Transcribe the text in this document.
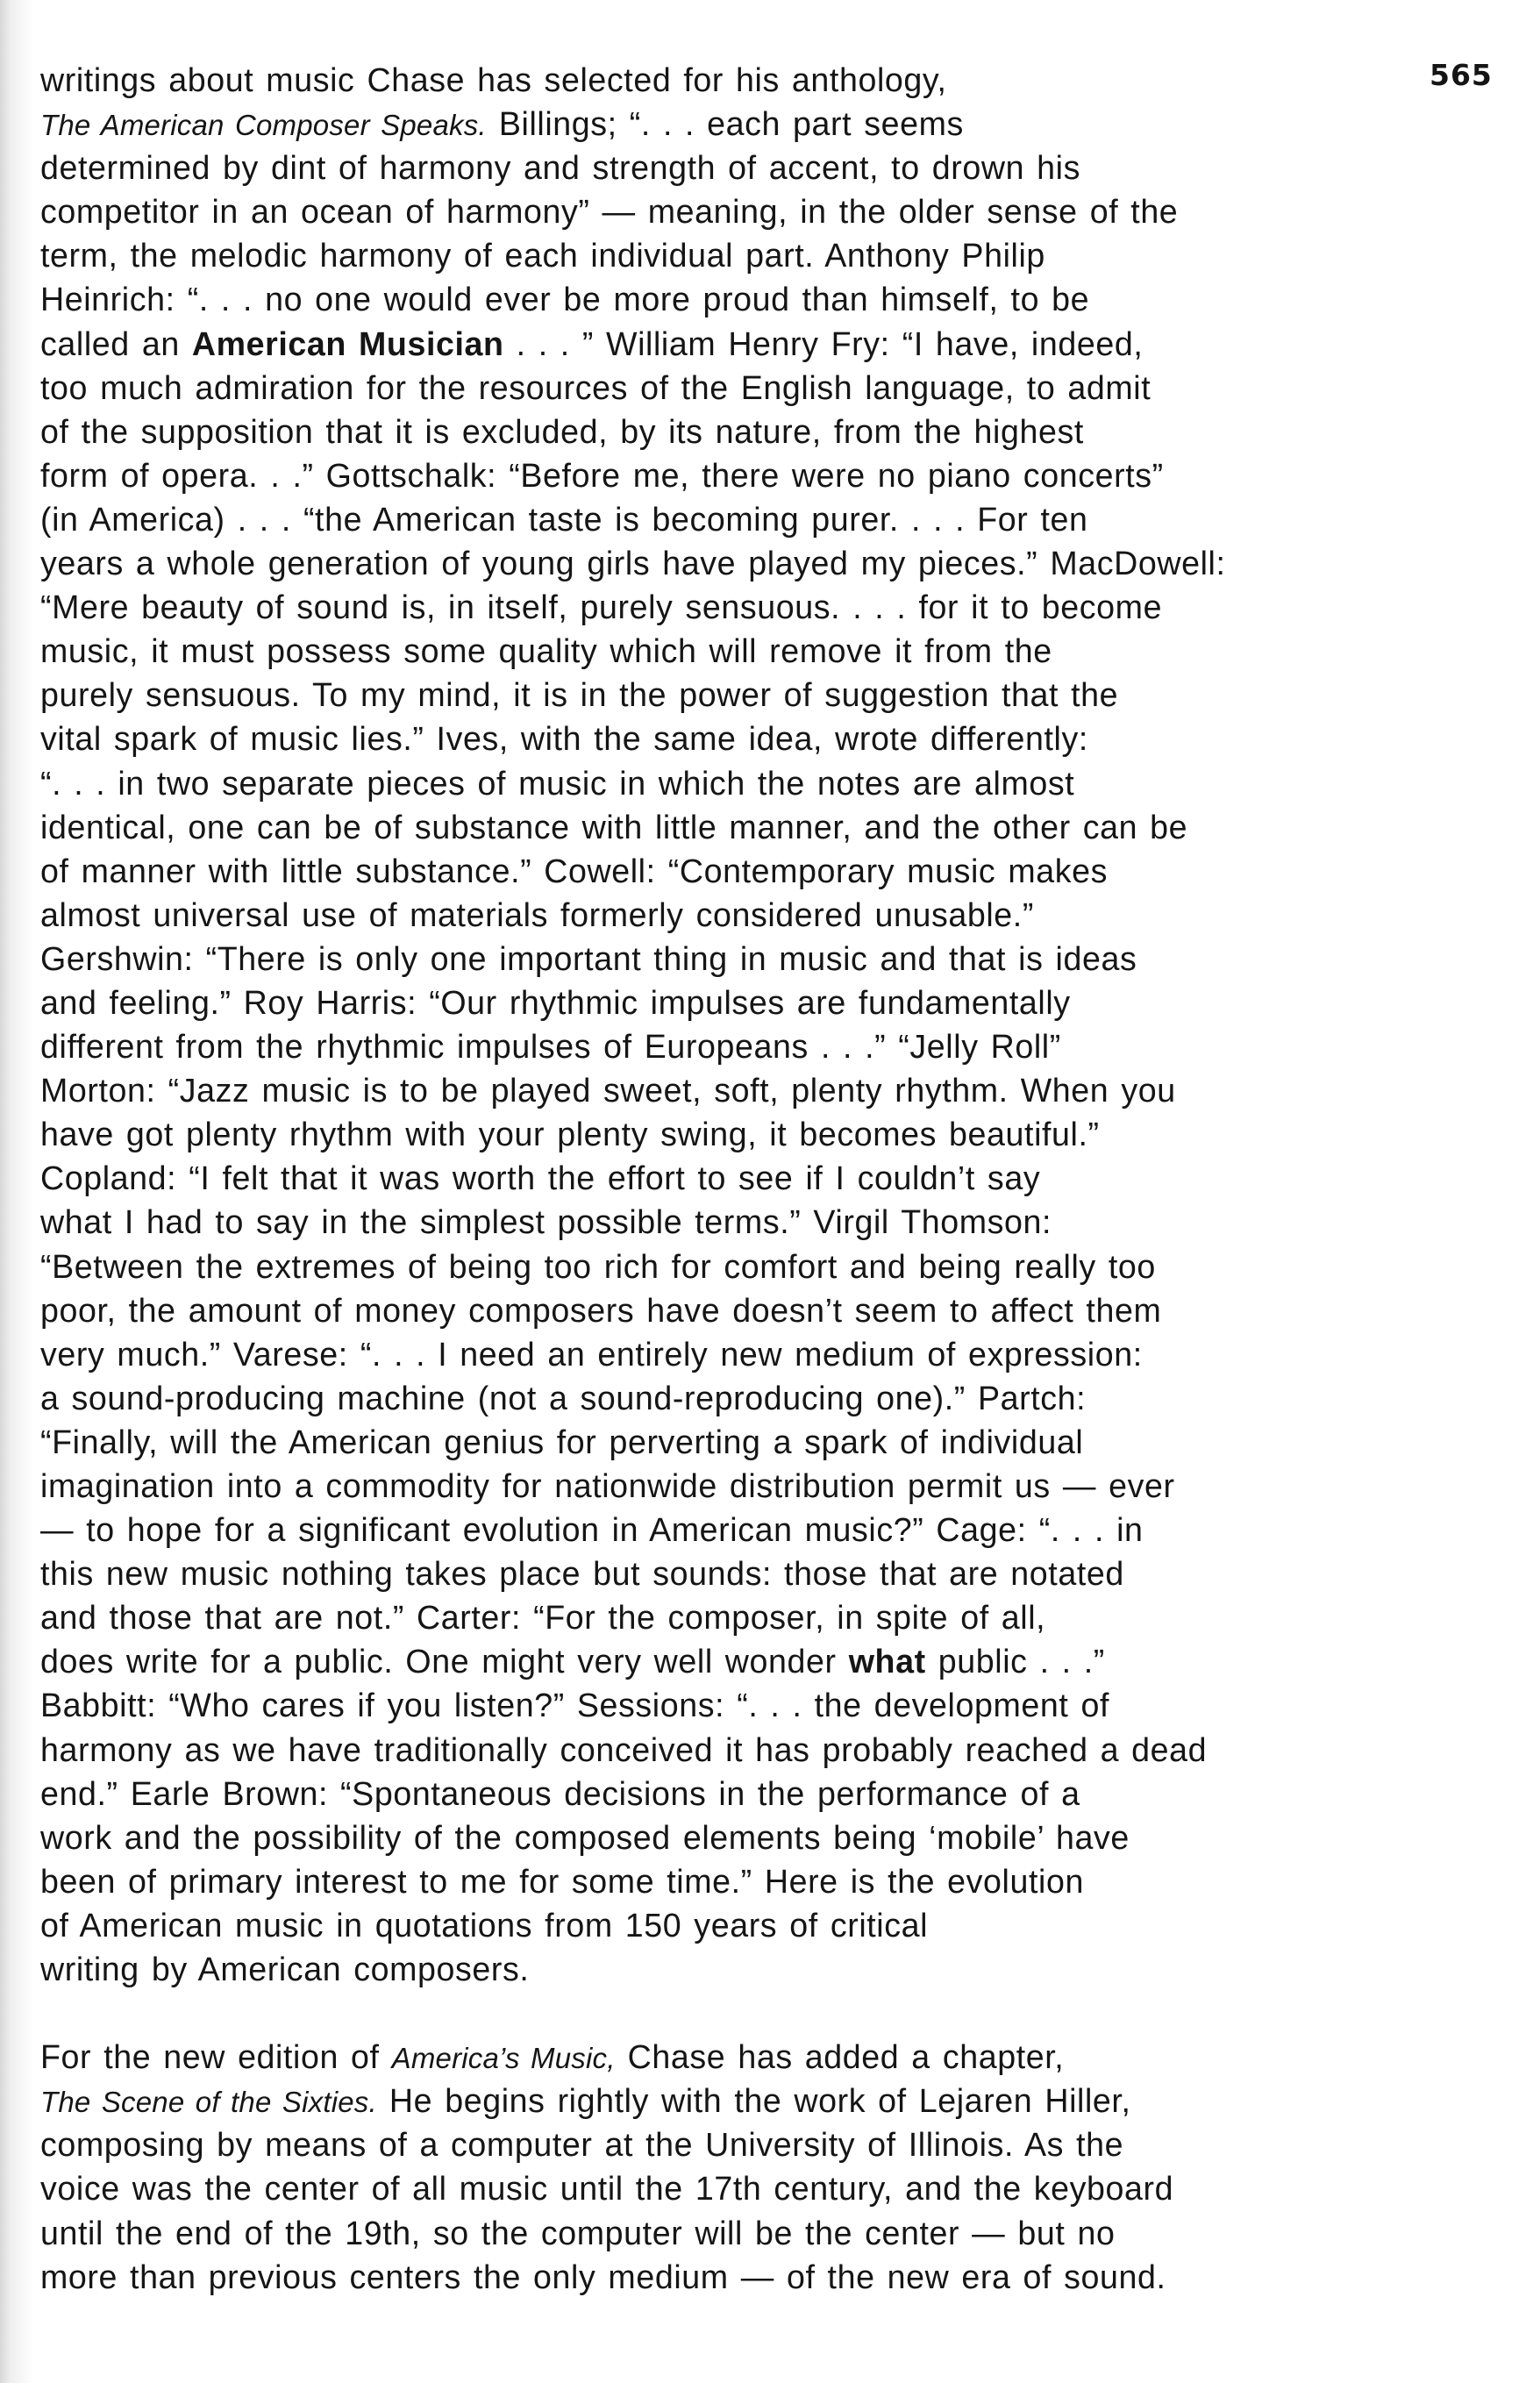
565

writings about music Chase has selected for his anthology,
The American Composer Speaks. Billings; “. . . each part seems
determined by dint of harmony and strength of accent, to drown his
competitor in an ocean of harmony” — meaning, in the older sense of the
term, the melodic harmony of each individual part. Anthony Philip
Heinrich: “. . . no one would ever be more proud than himself, to be
called an American Musician . . . ” William Henry Fry: “I have, indeed,
too much admiration for the resources of the English language, to admit
of the supposition that it is excluded, by its nature, from the highest
form of opera. . .” Gottschalk: “Before me, there were no piano concerts”
(in America) . . . “the American taste is becoming purer. . . . For ten
years a whole generation of young girls have played my pieces.” MacDowell:
“Mere beauty of sound is, in itself, purely sensuous. . . . for it to become
music, it must possess some quality which will remove it from the
purely sensuous. To my mind, it is in the power of suggestion that the
vital spark of music lies.” Ives, with the same idea, wrote differently:
“. . . in two separate pieces of music in which the notes are almost
identical, one can be of substance with little manner, and the other can be
of manner with little substance.” Cowell: “Contemporary music makes
almost universal use of materials formerly considered unusable.”
Gershwin: “There is only one important thing in music and that is ideas
and feeling.” Roy Harris: “Our rhythmic impulses are fundamentally
different from the rhythmic impulses of Europeans . . .” “Jelly Roll”
Morton: “Jazz music is to be played sweet, soft, plenty rhythm. When you
have got plenty rhythm with your plenty swing, it becomes beautiful.”
Copland: “I felt that it was worth the effort to see if I couldn’t say
what I had to say in the simplest possible terms.” Virgil Thomson:
“Between the extremes of being too rich for comfort and being really too
poor, the amount of money composers have doesn’t seem to affect them
very much.” Varese: “. . . I need an entirely new medium of expression:
a sound-producing machine (not a sound-reproducing one).” Partch:
“Finally, will the American genius for perverting a spark of individual
imagination into a commodity for nationwide distribution permit us — ever
— to hope for a significant evolution in American music?” Cage: “. . . in
this new music nothing takes place but sounds: those that are notated
and those that are not.” Carter: “For the composer, in spite of all,
does write for a public. One might very well wonder what public . . .”
Babbitt: “Who cares if you listen?” Sessions: “. . . the development of
harmony as we have traditionally conceived it has probably reached a dead
end.” Earle Brown: “Spontaneous decisions in the performance of a
work and the possibility of the composed elements being ‘mobile’ have
been of primary interest to me for some time.” Here is the evolution
of American music in quotations from 150 years of critical
writing by American composers.

For the new edition of America’s Music, Chase has added a chapter,
The Scene of the Sixties. He begins rightly with the work of Lejaren Hiller,
composing by means of a computer at the University of Illinois. As the
voice was the center of all music until the 17th century, and the keyboard
until the end of the 19th, so the computer will be the center — but no
more than previous centers the only medium — of the new era of sound.
